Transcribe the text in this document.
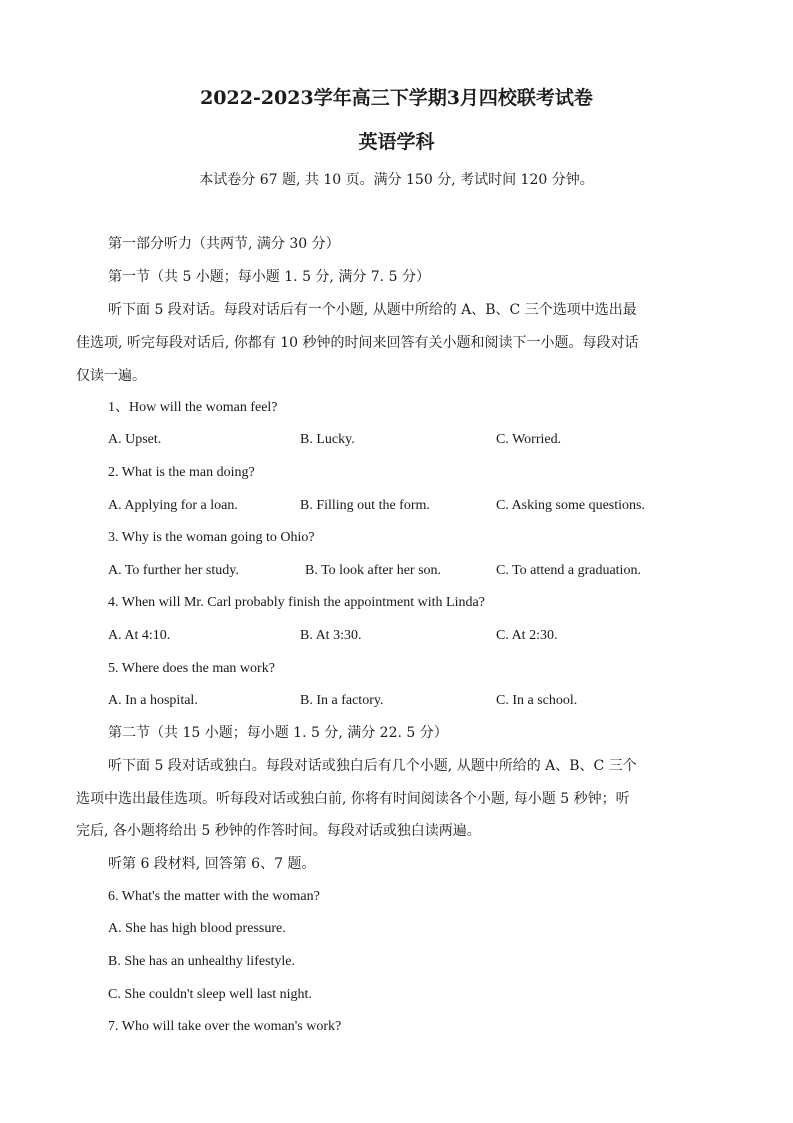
2022-2023学年高三下学期3月四校联考试卷
英语学科
本试卷分 67 题, 共 10 页。满分 150 分, 考试时间 120 分钟。
第一部分听力（共两节, 满分 30 分）
第一节（共 5 小题；每小题 1. 5 分, 满分 7. 5 分）
听下面 5 段对话。每段对话后有一个小题, 从题中所给的 A、B、C 三个选项中选出最
佳选项, 听完每段对话后, 你都有 10 秒钟的时间来回答有关小题和阅读下一小题。每段对话
仅读一遍。
1、How will the woman feel?
A. Upset.	B. Lucky.	C. Worried.
2. What is the man doing?
A. Applying for a loan.	B. Filling out the form.	C. Asking some questions.
3. Why is the woman going to Ohio?
A. To further her study.	B. To look after her son.	C. To attend a graduation.
4. When will Mr. Carl probably finish the appointment with Linda?
A. At 4:10.	B. At 3:30.	C. At 2:30.
5. Where does the man work?
A. In a hospital.	B. In a factory.	C. In a school.
第二节（共 15 小题；每小题 1. 5 分, 满分 22. 5 分）
听下面 5 段对话或独白。每段对话或独白后有几个小题, 从题中所给的 A、B、C 三个
选项中选出最佳选项。听每段对话或独白前, 你将有时间阅读各个小题, 每小题 5 秒钟；听
完后, 各小题将给出 5 秒钟的作答时间。每段对话或独白读两遍。
听第 6 段材料, 回答第 6、7 题。
6. What's the matter with the woman?
A. She has high blood pressure.
B. She has an unhealthy lifestyle.
C. She couldn't sleep well last night.
7. Who will take over the woman's work?
